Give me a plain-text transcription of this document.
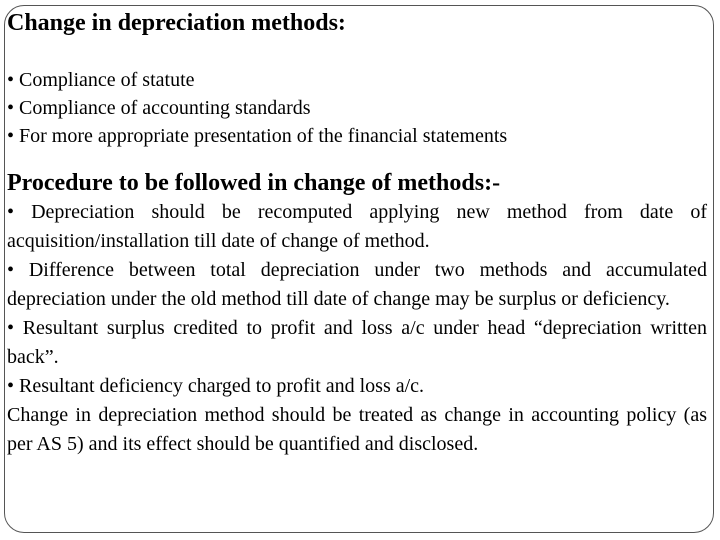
Change in depreciation methods:
• Compliance of statute
• Compliance of accounting standards
• For more appropriate presentation of the financial statements
Procedure to be followed in change of methods:-
• Depreciation should be recomputed applying new method from date of acquisition/installation till date of change of method.
• Difference between total depreciation under two methods and accumulated depreciation under the old method till date of change may be surplus or deficiency.
• Resultant surplus credited to profit and loss a/c under head “depreciation written back”.
• Resultant deficiency charged to profit and loss a/c.

Change in depreciation method should be treated as change in accounting policy (as per AS 5) and its effect should be quantified and disclosed.
